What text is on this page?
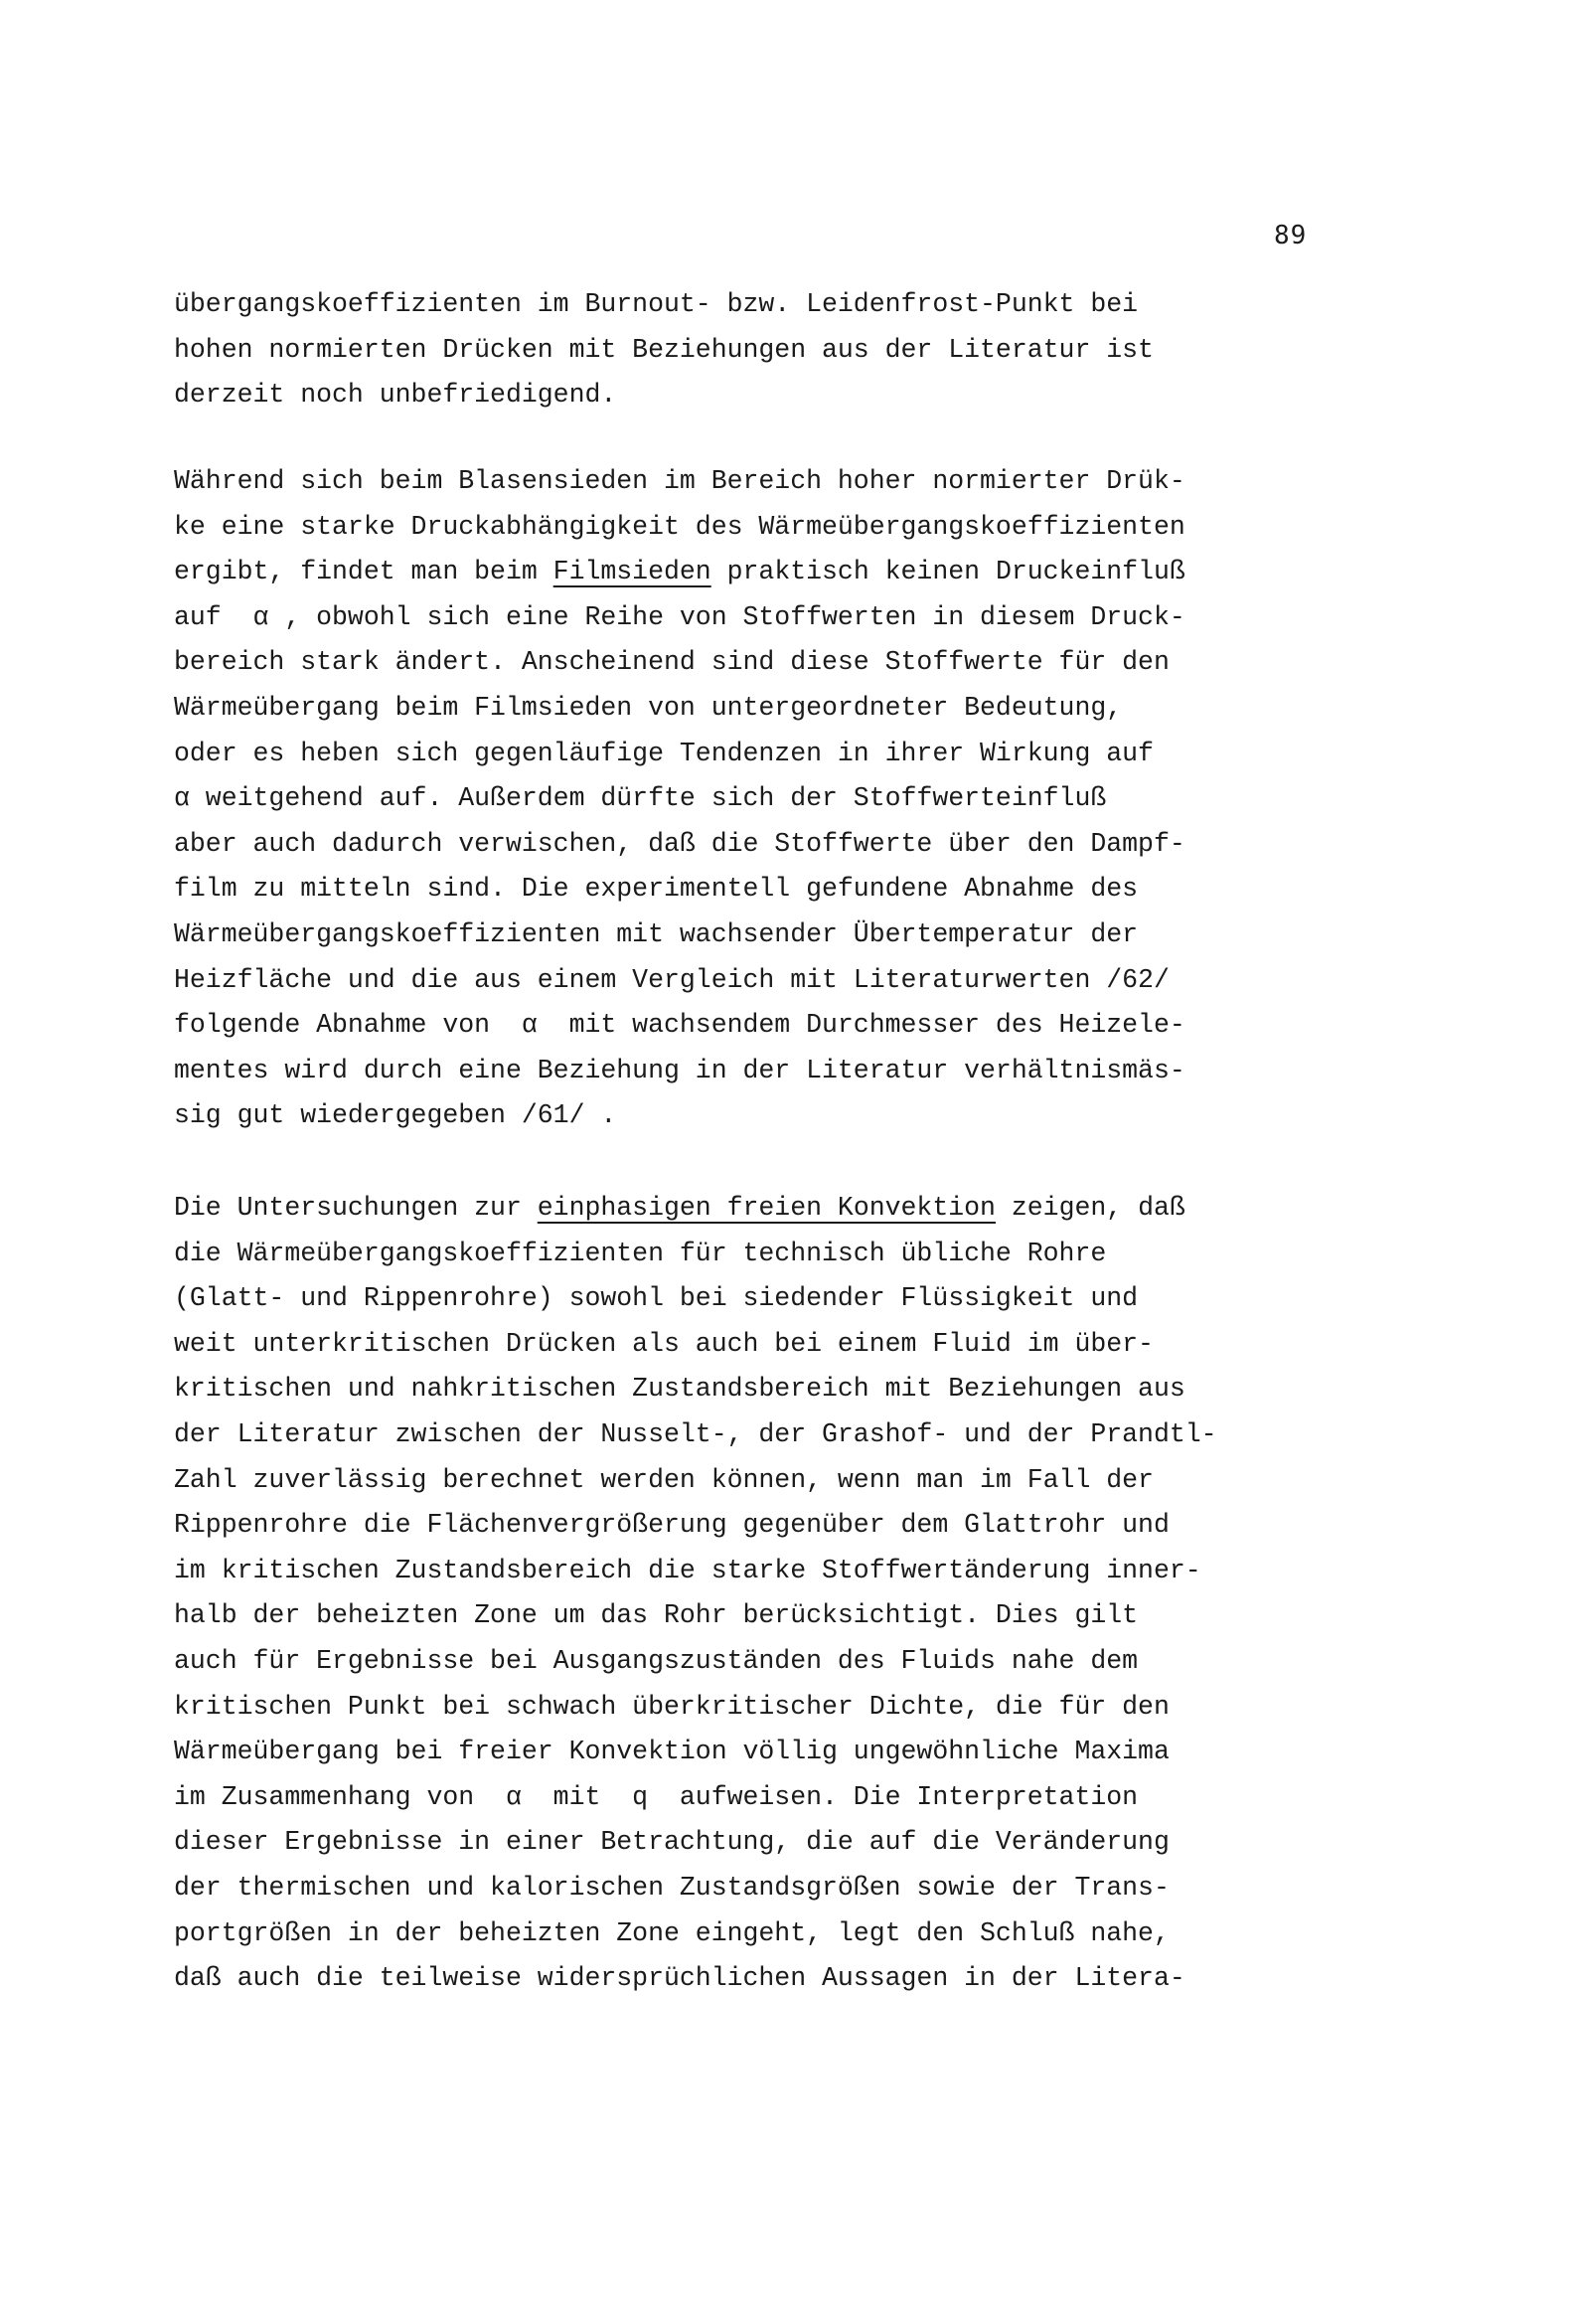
89
übergangskoeffizienten im Burnout- bzw. Leidenfrost-Punkt bei
hohen normierten Drücken mit Beziehungen aus der Literatur ist
derzeit noch unbefriedigend.
Während sich beim Blasensieden im Bereich hoher normierter Drük-
ke eine starke Druckabhängigkeit des Wärmeübergangskoeffizienten
ergibt, findet man beim Filmsieden praktisch keinen Druckeinfluß
auf  α , obwohl sich eine Reihe von Stoffwerten in diesem Druck-
bereich stark ändert. Anscheinend sind diese Stoffwerte für den
Wärmeübergang beim Filmsieden von untergeordneter Bedeutung,
oder es heben sich gegenläufige Tendenzen in ihrer Wirkung auf
α weitgehend auf. Außerdem dürfte sich der Stoffwerteinfluß
aber auch dadurch verwischen, daß die Stoffwerte über den Dampf-
film zu mitteln sind. Die experimentell gefundene Abnahme des
Wärmeübergangskoeffizienten mit wachsender Übertemperatur der
Heizfläche und die aus einem Vergleich mit Literaturwerten /62/
folgende Abnahme von  α  mit wachsendem Durchmesser des Heizele-
mentes wird durch eine Beziehung in der Literatur verhältnismäs-
sig gut wiedergegeben /61/ .
Die Untersuchungen zur einphasigen freien Konvektion zeigen, daß
die Wärmeübergangskoeffizienten für technisch übliche Rohre
(Glatt- und Rippenrohre) sowohl bei siedender Flüssigkeit und
weit unterkritischen Drücken als auch bei einem Fluid im über-
kritischen und nahkritischen Zustandsbereich mit Beziehungen aus
der Literatur zwischen der Nusselt-, der Grashof- und der Prandtl-
Zahl zuverlässig berechnet werden können, wenn man im Fall der
Rippenrohre die Flächenvergrößerung gegenüber dem Glattrohr und
im kritischen Zustandsbereich die starke Stoffwertänderung inner-
halb der beheizten Zone um das Rohr berücksichtigt. Dies gilt
auch für Ergebnisse bei Ausgangszuständen des Fluids nahe dem
kritischen Punkt bei schwach überkritischer Dichte, die für den
Wärmeübergang bei freier Konvektion völlig ungewöhnliche Maxima
im Zusammenhang von  α  mit  q  aufweisen. Die Interpretation
dieser Ergebnisse in einer Betrachtung, die auf die Veränderung
der thermischen und kalorischen Zustandsgrößen sowie der Trans-
portgrößen in der beheizten Zone eingeht, legt den Schluß nahe,
daß auch die teilweise widersprüchlichen Aussagen in der Litera-
